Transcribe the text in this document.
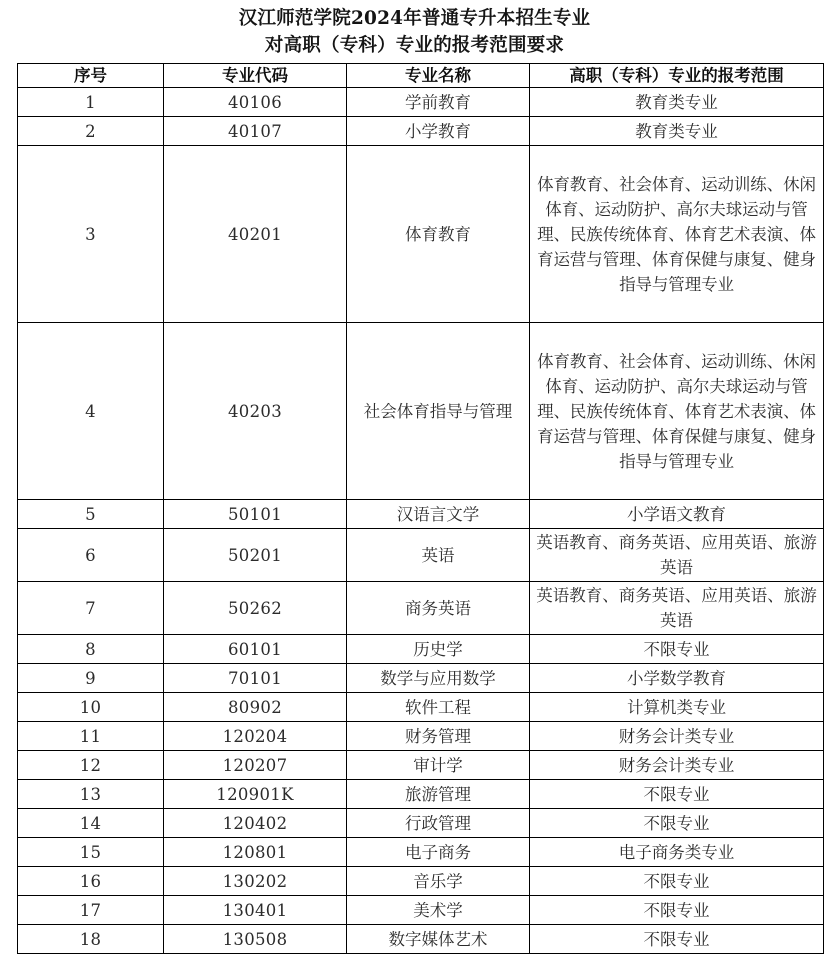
汉江师范学院2024年普通专升本招生专业
对高职（专科）专业的报考范围要求
序号	专业代码	专业名称	高职（专科）专业的报考范围
1	40106	学前教育	教育类专业
2	40107	小学教育	教育类专业
3	40201	体育教育	体育教育、社会体育、运动训练、休闲体育、运动防护、高尔夫球运动与管理、民族传统体育、体育艺术表演、体育运营与管理、体育保健与康复、健身指导与管理专业
4	40203	社会体育指导与管理	体育教育、社会体育、运动训练、休闲体育、运动防护、高尔夫球运动与管理、民族传统体育、体育艺术表演、体育运营与管理、体育保健与康复、健身指导与管理专业
5	50101	汉语言文学	小学语文教育
6	50201	英语	英语教育、商务英语、应用英语、旅游英语
7	50262	商务英语	英语教育、商务英语、应用英语、旅游英语
8	60101	历史学	不限专业
9	70101	数学与应用数学	小学数学教育
10	80902	软件工程	计算机类专业
11	120204	财务管理	财务会计类专业
12	120207	审计学	财务会计类专业
13	120901K	旅游管理	不限专业
14	120402	行政管理	不限专业
15	120801	电子商务	电子商务类专业
16	130202	音乐学	不限专业
17	130401	美术学	不限专业
18	130508	数字媒体艺术	不限专业
